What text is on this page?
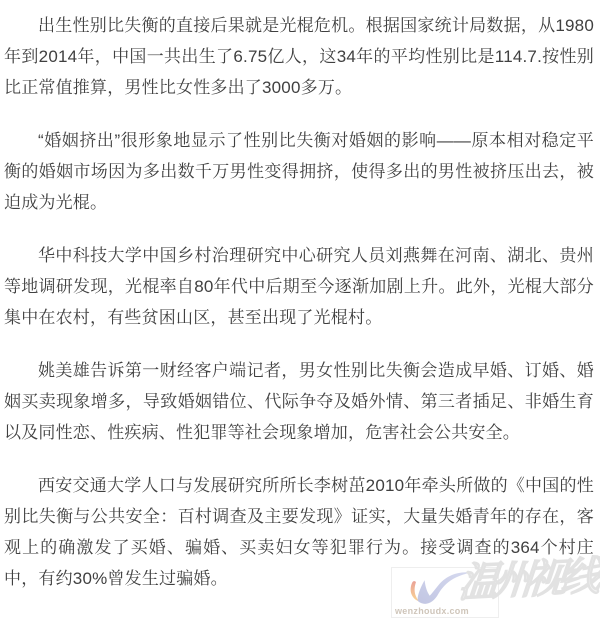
出生性别比失衡的直接后果就是光棍危机。根据国家统计局数据，从1980年到2014年，中国一共出生了6.75亿人，这34年的平均性别比是114.7.按性别比正常值推算，男性比女性多出了3000多万。

“婚姻挤出”很形象地显示了性别比失衡对婚姻的影响——原本相对稳定平衡的婚姻市场因为多出数千万男性变得拥挤，使得多出的男性被挤压出去，被迫成为光棍。

华中科技大学中国乡村治理研究中心研究人员刘燕舞在河南、湖北、贵州等地调研发现，光棍率自80年代中后期至今逐渐加剧上升。此外，光棍大部分集中在农村，有些贫困山区，甚至出现了光棍村。

姚美雄告诉第一财经客户端记者，男女性别比失衡会造成早婚、订婚、婚姻买卖现象增多，导致婚姻错位、代际争夺及婚外情、第三者插足、非婚生育以及同性恋、性疾病、性犯罪等社会现象增加，危害社会公共安全。

西安交通大学人口与发展研究所所长李树茁2010年牵头所做的《中国的性别比失衡与公共安全：百村调查及主要发现》证实，大量失婚青年的存在，客观上的确激发了买婚、骗婚、买卖妇女等犯罪行为。接受调查的364个村庄中，有约30%曾发生过骗婚。

wenzhoudx.com
温州视线
